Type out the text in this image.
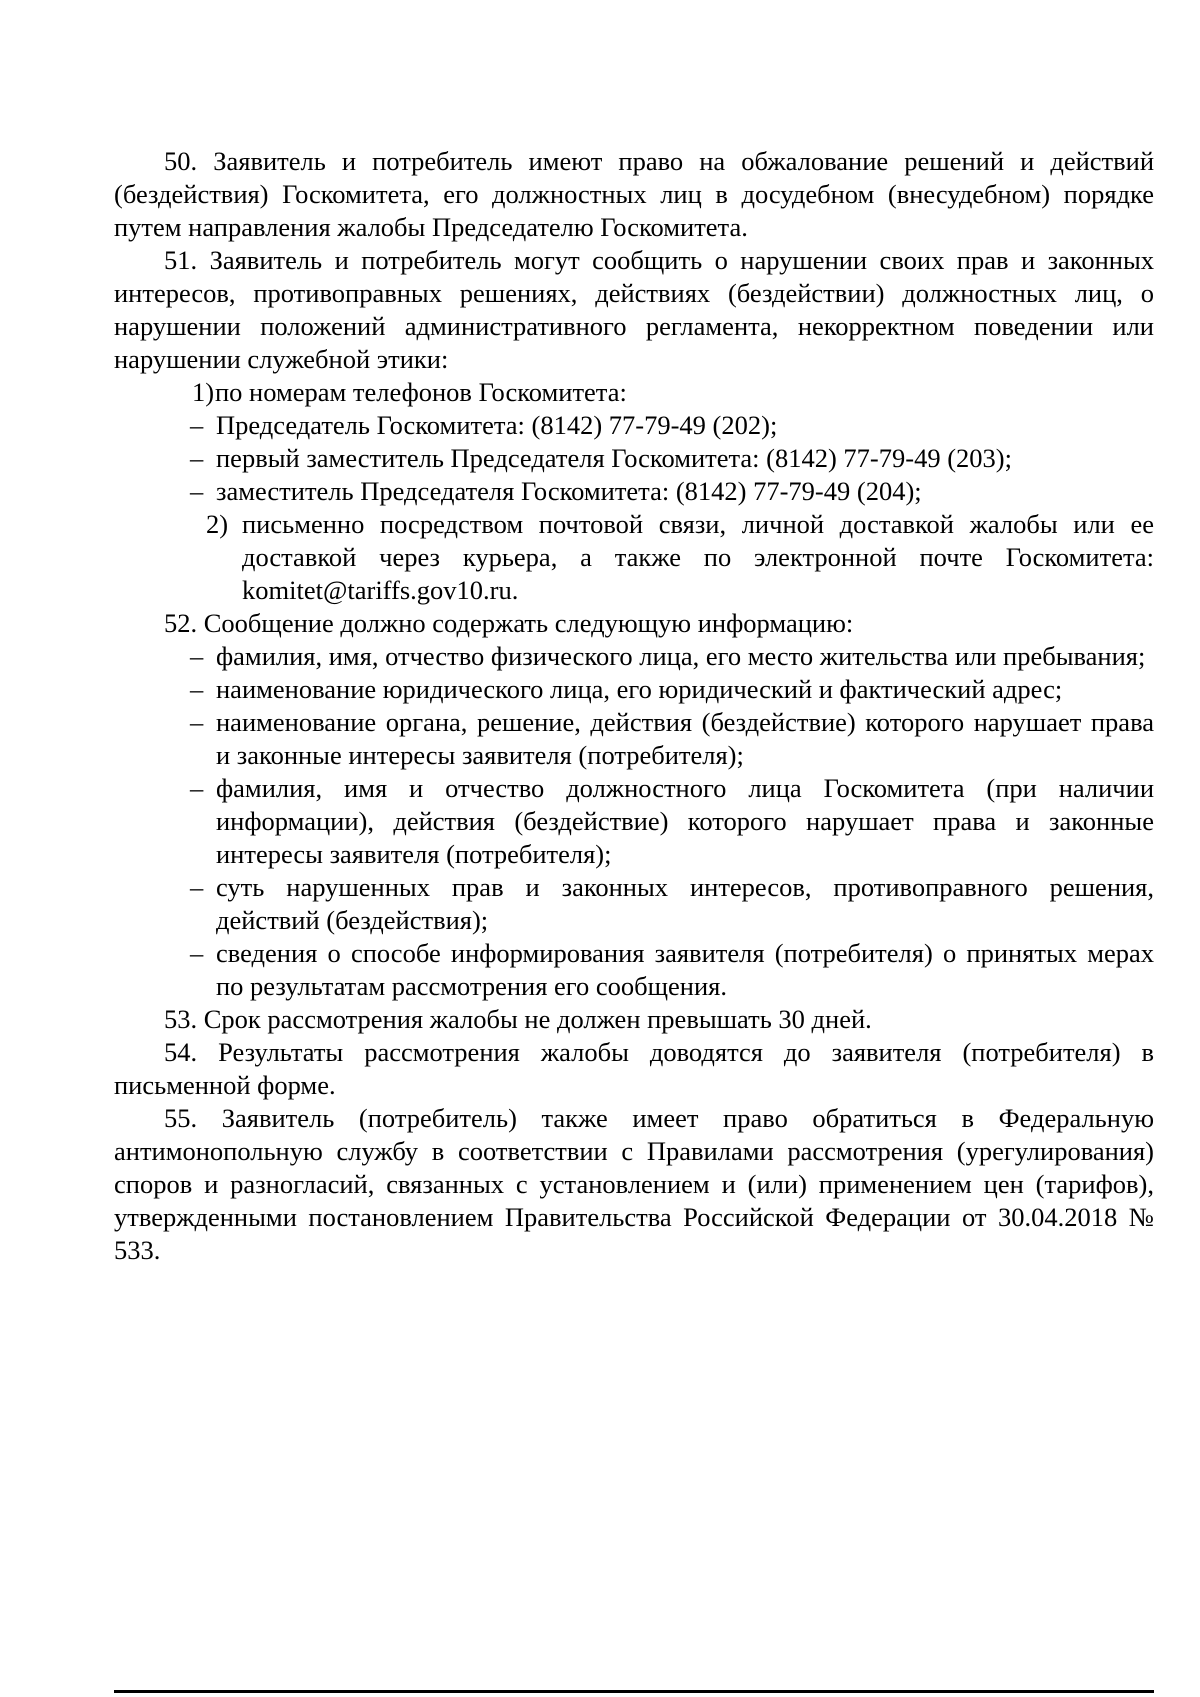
50. Заявитель и потребитель имеют право на обжалование решений и действий (бездействия) Госкомитета, его должностных лиц в досудебном (внесудебном) порядке путем направления жалобы Председателю Госкомитета.

51. Заявитель и потребитель могут сообщить о нарушении своих прав и законных интересов, противоправных решениях, действиях (бездействии) должностных лиц, о нарушении положений административного регламента, некорректном поведении или нарушении служебной этики:

1) по номерам телефонов Госкомитета:

– Председатель Госкомитета: (8142) 77-79-49 (202);

– первый заместитель Председателя Госкомитета: (8142) 77-79-49 (203);

– заместитель Председателя Госкомитета: (8142) 77-79-49 (204);

2) письменно посредством почтовой связи, личной доставкой жалобы или ее доставкой через курьера, а также по электронной почте Госкомитета: komitet@tariffs.gov10.ru.

52. Сообщение должно содержать следующую информацию:

– фамилия, имя, отчество физического лица, его место жительства или пребывания;

– наименование юридического лица, его юридический и фактический адрес;

– наименование органа, решение, действия (бездействие) которого нарушает права и законные интересы заявителя (потребителя);

– фамилия, имя и отчество должностного лица Госкомитета (при наличии информации), действия (бездействие) которого нарушает права и законные интересы заявителя (потребителя);

– суть нарушенных прав и законных интересов, противоправного решения, действий (бездействия);

– сведения о способе информирования заявителя (потребителя) о принятых мерах по результатам рассмотрения его сообщения.

53. Срок рассмотрения жалобы не должен превышать 30 дней.

54. Результаты рассмотрения жалобы доводятся до заявителя (потребителя) в письменной форме.

55. Заявитель (потребитель) также имеет право обратиться в Федеральную антимонопольную службу в соответствии с Правилами рассмотрения (урегулирования) споров и разногласий, связанных с установлением и (или) применением цен (тарифов), утвержденными постановлением Правительства Российской Федерации от 30.04.2018 № 533.
